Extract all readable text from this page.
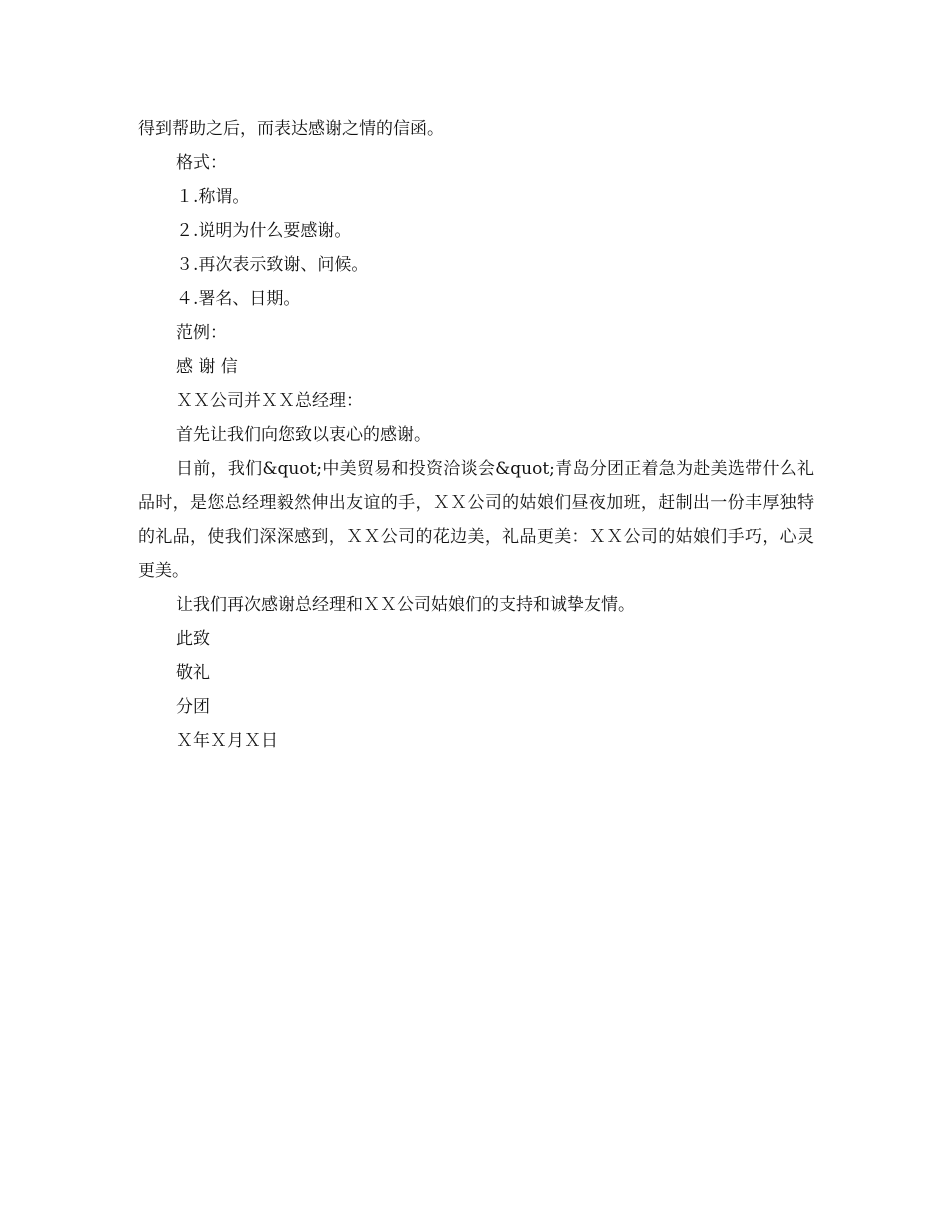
得到帮助之后，而表达感谢之情的信函。
格式：
１.称谓。
２.说明为什么要感谢。
３.再次表示致谢、问候。
４.署名、日期。
范例：
感 谢 信
ＸＸ公司并ＸＸ总经理：

首先让我们向您致以衷心的感谢。

日前，我们&quot;中美贸易和投资洽谈会&quot;青岛分团正着急为赴美选带什么礼品时，是您总经理毅然伸出友谊的手，ＸＸ公司的姑娘们昼夜加班，赶制出一份丰厚独特的礼品，使我们深深感到，ＸＸ公司的花边美，礼品更美：ＸＸ公司的姑娘们手巧，心灵更美。

让我们再次感谢总经理和ＸＸ公司姑娘们的支持和诚挚友情。

此致
敬礼
分团
Ｘ年Ｘ月Ｘ日
